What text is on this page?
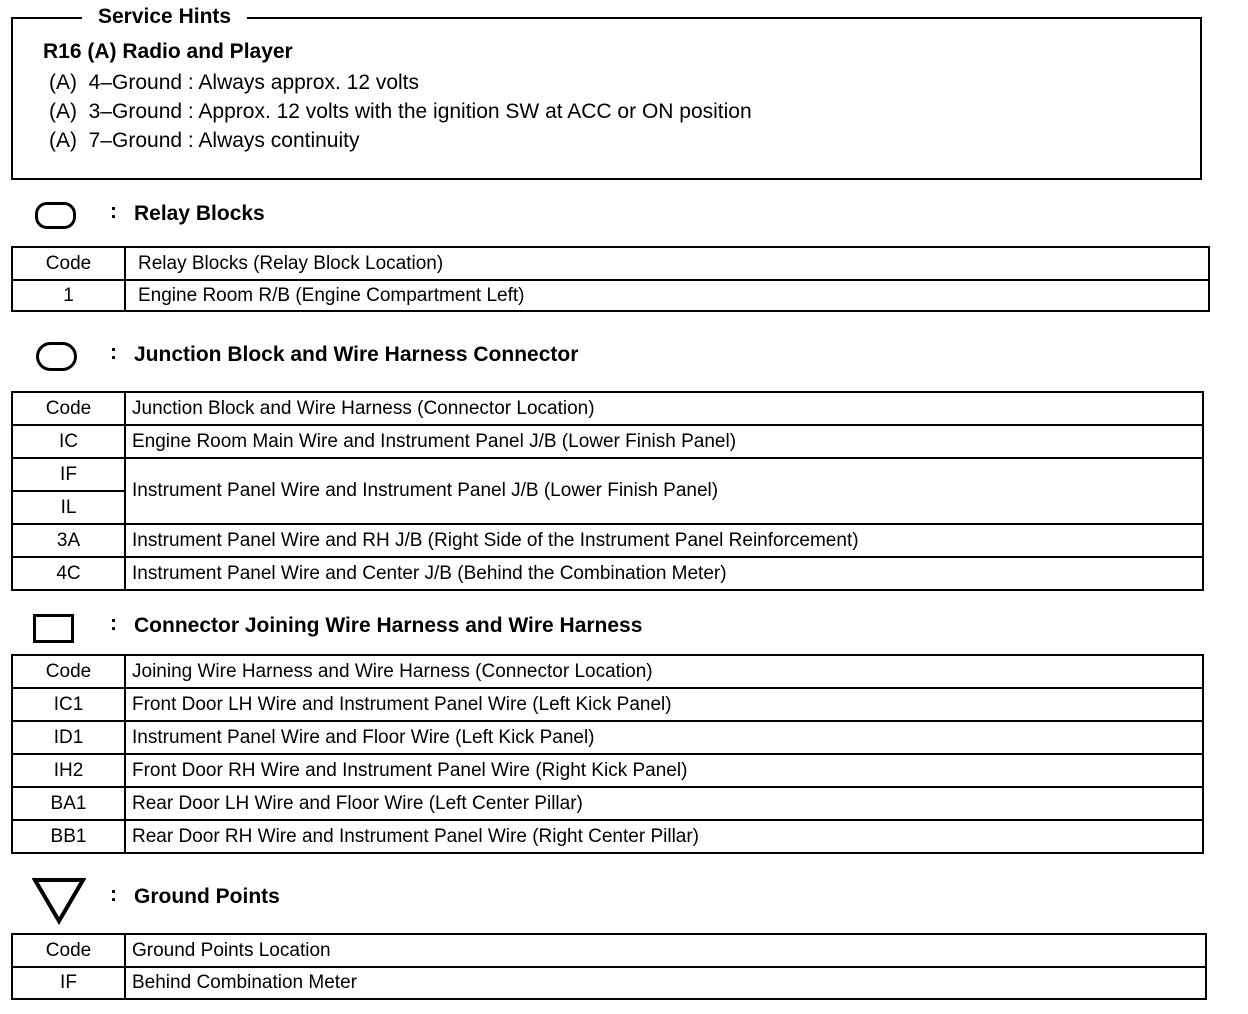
Service Hints
R16 (A) Radio and Player
(A)  4–Ground : Always approx. 12 volts
(A)  3–Ground : Approx. 12 volts with the ignition SW at ACC or ON position
(A)  7–Ground : Always continuity
: Relay Blocks
Code	Relay Blocks (Relay Block Location)
1	Engine Room R/B (Engine Compartment Left)
: Junction Block and Wire Harness Connector
Code	Junction Block and Wire Harness (Connector Location)
IC	Engine Room Main Wire and Instrument Panel J/B (Lower Finish Panel)
IF	Instrument Panel Wire and Instrument Panel J/B (Lower Finish Panel)
IL	
3A	Instrument Panel Wire and RH J/B (Right Side of the Instrument Panel Reinforcement)
4C	Instrument Panel Wire and Center J/B (Behind the Combination Meter)
: Connector Joining Wire Harness and Wire Harness
Code	Joining Wire Harness and Wire Harness (Connector Location)
IC1	Front Door LH Wire and Instrument Panel Wire (Left Kick Panel)
ID1	Instrument Panel Wire and Floor Wire (Left Kick Panel)
IH2	Front Door RH Wire and Instrument Panel Wire (Right Kick Panel)
BA1	Rear Door LH Wire and Floor Wire (Left Center Pillar)
BB1	Rear Door RH Wire and Instrument Panel Wire (Right Center Pillar)
: Ground Points
Code	Ground Points Location
IF	Behind Combination Meter
